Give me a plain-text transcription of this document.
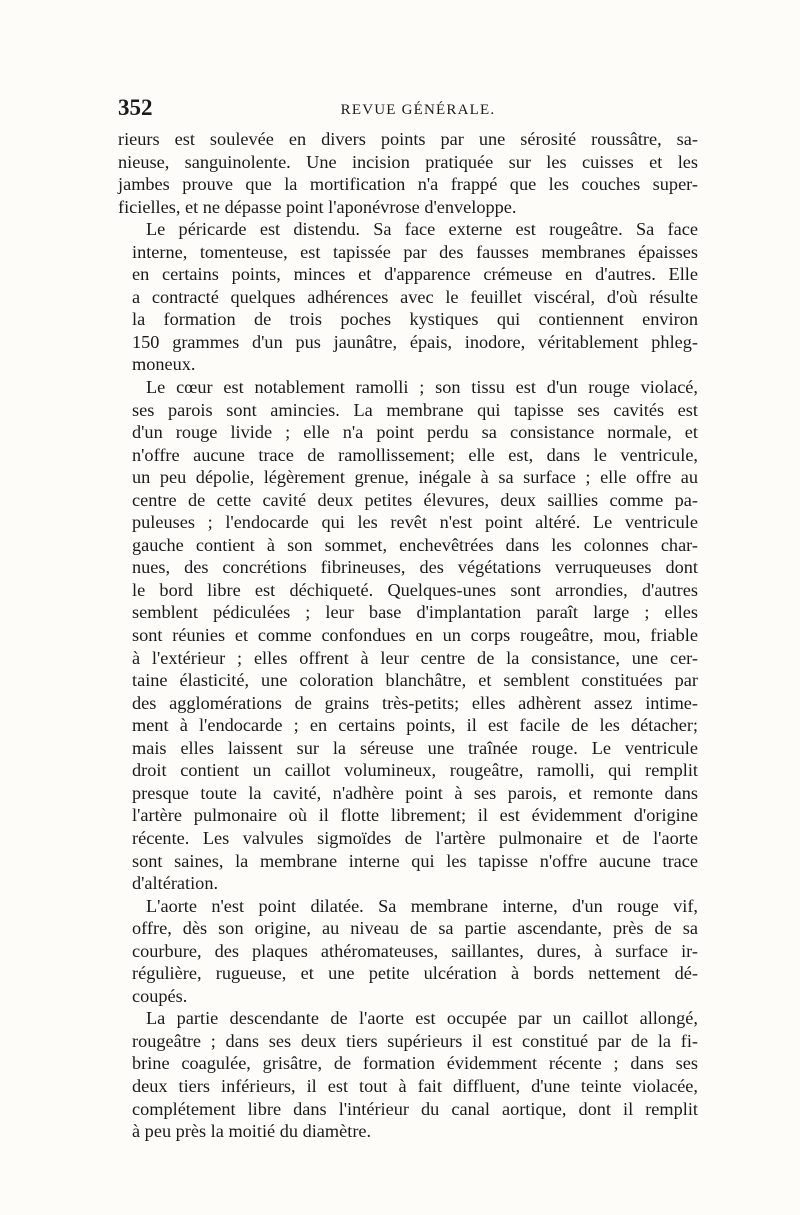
352	REVUE GÉNÉRALE.
rieurs est soulevée en divers points par une sérosité roussâtre, sa-
nieuse, sanguinolente. Une incision pratiquée sur les cuisses et les
jambes prouve que la mortification n'a frappé que les couches super-
ficielles, et ne dépasse point l'aponévrose d'enveloppe.
Le péricarde est distendu. Sa face externe est rougeâtre. Sa face
interne, tomenteuse, est tapissée par des fausses membranes épaisses
en certains points, minces et d'apparence crémeuse en d'autres. Elle
a contracté quelques adhérences avec le feuillet viscéral, d'où résulte
la formation de trois poches kystiques qui contiennent environ
150 grammes d'un pus jaunâtre, épais, inodore, véritablement phleg-
moneux.
Le cœur est notablement ramolli ; son tissu est d'un rouge violacé,
ses parois sont amincies. La membrane qui tapisse ses cavités est
d'un rouge livide ; elle n'a point perdu sa consistance normale, et
n'offre aucune trace de ramollissement; elle est, dans le ventricule,
un peu dépolie, légèrement grenue, inégale à sa surface ; elle offre au
centre de cette cavité deux petites élevures, deux saillies comme pa-
puleuses ; l'endocarde qui les revêt n'est point altéré. Le ventricule
gauche contient à son sommet, enchevêtrées dans les colonnes char-
nues, des concrétions fibrineuses, des végétations verruqueuses dont
le bord libre est déchiqueté. Quelques-unes sont arrondies, d'autres
semblent pédiculées ; leur base d'implantation paraît large ; elles
sont réunies et comme confondues en un corps rougeâtre, mou, friable
à l'extérieur ; elles offrent à leur centre de la consistance, une cer-
taine élasticité, une coloration blanchâtre, et semblent constituées par
des agglomérations de grains très-petits; elles adhèrent assez intime-
ment à l'endocarde ; en certains points, il est facile de les détacher;
mais elles laissent sur la séreuse une traînée rouge. Le ventricule
droit contient un caillot volumineux, rougeâtre, ramolli, qui remplit
presque toute la cavité, n'adhère point à ses parois, et remonte dans
l'artère pulmonaire où il flotte librement; il est évidemment d'origine
récente. Les valvules sigmoïdes de l'artère pulmonaire et de l'aorte
sont saines, la membrane interne qui les tapisse n'offre aucune trace
d'altération.
L'aorte n'est point dilatée. Sa membrane interne, d'un rouge vif,
offre, dès son origine, au niveau de sa partie ascendante, près de sa
courbure, des plaques athéromateuses, saillantes, dures, à surface ir-
régulière, rugueuse, et une petite ulcération à bords nettement dé-
coupés.
La partie descendante de l'aorte est occupée par un caillot allongé,
rougeâtre ; dans ses deux tiers supérieurs il est constitué par de la fi-
brine coagulée, grisâtre, de formation évidemment récente ; dans ses
deux tiers inférieurs, il est tout à fait diffluent, d'une teinte violacée,
complétement libre dans l'intérieur du canal aortique, dont il remplit
à peu près la moitié du diamètre.
